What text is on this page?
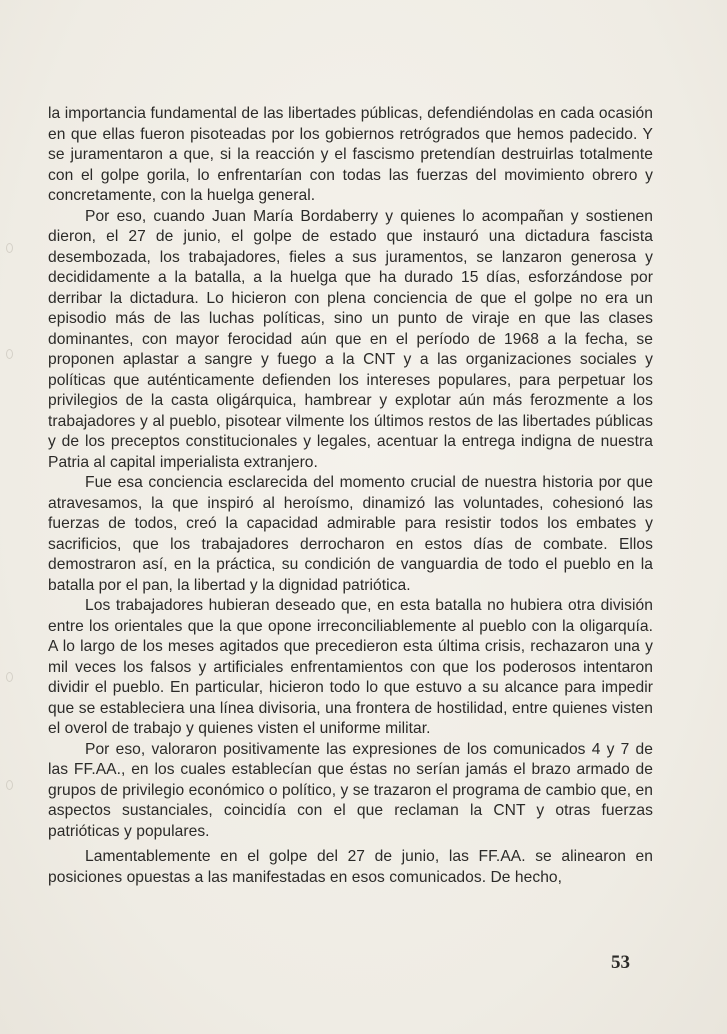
la importancia fundamental de las libertades públicas, defendiéndolas en cada ocasión en que ellas fueron pisoteadas por los gobiernos retrógrados que hemos padecido. Y se juramentaron a que, si la reacción y el fascismo pretendían destruirlas totalmente con el golpe gorila, lo enfrentarían con todas las fuerzas del movimiento obrero y concretamente, con la huelga general.

Por eso, cuando Juan María Bordaberry y quienes lo acompañan y sostienen dieron, el 27 de junio, el golpe de estado que instauró una dictadura fascista desembozada, los trabajadores, fieles a sus juramentos, se lanzaron generosa y decididamente a la batalla, a la huelga que ha durado 15 días, esforzándose por derribar la dictadura. Lo hicieron con plena conciencia de que el golpe no era un episodio más de las luchas políticas, sino un punto de viraje en que las clases dominantes, con mayor ferocidad aún que en el período de 1968 a la fecha, se proponen aplastar a sangre y fuego a la CNT y a las organizaciones sociales y políticas que auténticamente defienden los intereses populares, para perpetuar los privilegios de la casta oligárquica, hambrear y explotar aún más ferozmente a los trabajadores y al pueblo, pisotear vilmente los últimos restos de las libertades públicas y de los preceptos constitucionales y legales, acentuar la entrega indigna de nuestra Patria al capital imperialista extranjero.

Fue esa conciencia esclarecida del momento crucial de nuestra historia por que atravesamos, la que inspiró al heroísmo, dinamizó las voluntades, cohesionó las fuerzas de todos, creó la capacidad admirable para resistir todos los embates y sacrificios, que los trabajadores derrocharon en estos días de combate. Ellos demostraron así, en la práctica, su condición de vanguardia de todo el pueblo en la batalla por el pan, la libertad y la dignidad patriótica.

Los trabajadores hubieran deseado que, en esta batalla no hubiera otra división entre los orientales que la que opone irreconciliablemente al pueblo con la oligarquía. A lo largo de los meses agitados que precedieron esta última crisis, rechazaron una y mil veces los falsos y artificiales enfrentamientos con que los poderosos intentaron dividir el pueblo. En particular, hicieron todo lo que estuvo a su alcance para impedir que se estableciera una línea divisoria, una frontera de hostilidad, entre quienes visten el overol de trabajo y quienes visten el uniforme militar.

Por eso, valoraron positivamente las expresiones de los comunicados 4 y 7 de las FF.AA., en los cuales establecían que éstas no serían jamás el brazo armado de grupos de privilegio económico o político, y se trazaron el programa de cambio que, en aspectos sustanciales, coincidía con el que reclaman la CNT y otras fuerzas patrióticas y populares.

Lamentablemente en el golpe del 27 de junio, las FF.AA. se alinearon en posiciones opuestas a las manifestadas en esos comunicados. De hecho,

53
